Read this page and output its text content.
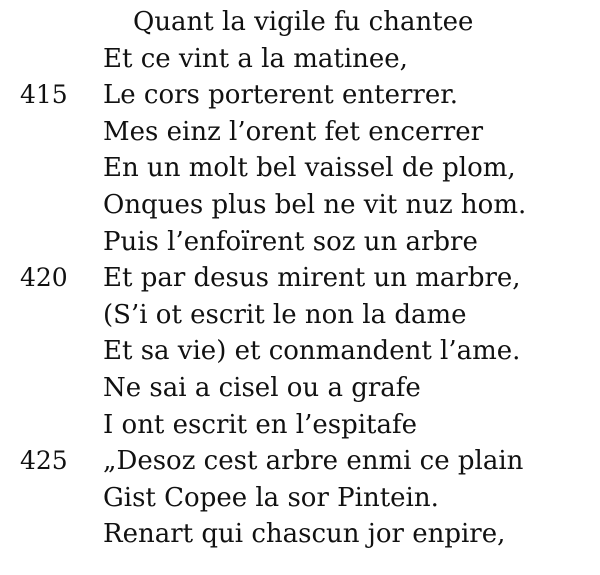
Quant la vigile fu chantee
Et ce vint a la matinee,
415	Le cors porterent enterrer.
Mes einz l’orent fet encerrer
En un molt bel vaissel de plom,
Onques plus bel ne vit nuz hom.
Puis l’enfoïrent soz un arbre
420	Et par desus mirent un marbre,
(S’i ot escrit le non la dame
Et sa vie) et conmandent l’ame.
Ne sai a cisel ou a grafe
I ont escrit en l’espitafe
425	„Desoz cest arbre enmi ce plain
Gist Copee la sor Pintein.
Renart qui chascun jor enpire,
